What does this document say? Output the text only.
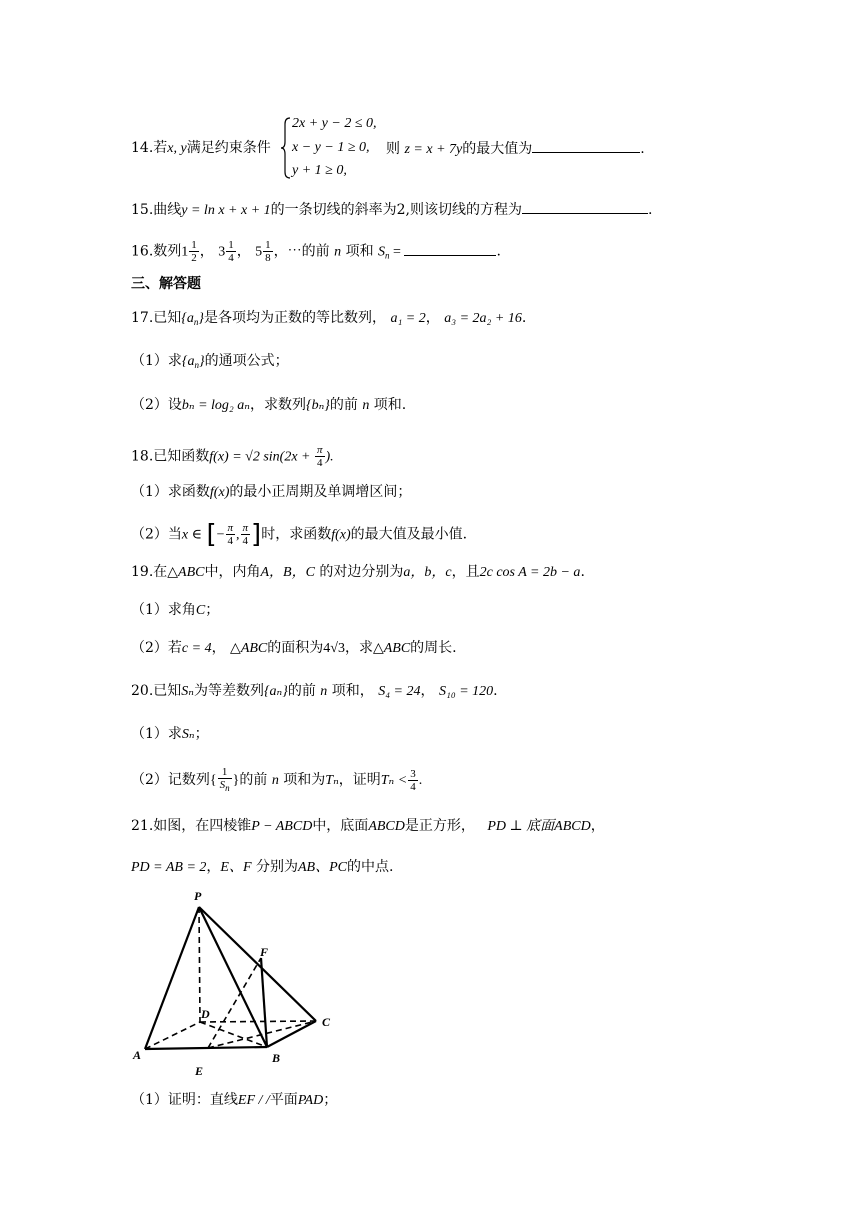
2x + y − 2 ≤ 0,
x − y − 1 ≥ 0,
y + 1 ≥ 0,
14.若x, y满足约束条件	则 z = x + 7y的最大值为	.
15.曲线y = ln x + x + 1的一条切线的斜率为2,则该切线的方程为	.
16.数列$1 \frac{1}{2}$ ， $3 \frac{1}{4}$ ， $5 \frac{1}{8}$ ，⋯的前 n 项和 $S_n$ =	.
三、解答题
17.已知$\{a_n\}$是各项均为正数的等比数列， a₁ = 2， a₃ = 2a₂ + 16.
（1）求$\{a_n\}$的通项公式；
（2）设bₙ = log₂ aₙ，求数列{bₙ}的前 n 项和.
18.已知函数f(x) = √2 $\sin(2x + \frac{\pi}{4}$ ).
（1）求函数f(x)的最小正周期及单调增区间；
（2）当x ∈ [− $\frac{\pi}{4}$ , $\frac{\pi}{4}$ ]时，求函数f(x)的最大值及最小值.
19.在△ABC中，内角A，B，C 的对边分别为a，b，c，且2c cos A = 2b − a.
（1）求角C；
（2）若c = 4， △ABC的面积为4√3，求△ABC的周长.
20.已知Sₙ为等差数列{aₙ}的前 n 项和， S₄ = 24， S₁₀ = 120.
（1）求Sₙ；
（2）记数列{ $\frac{1}{S_n}$ }的前 n 项和为Tₙ，证明$T_n < \frac{3}{4}$ .
21.如图，在四棱锥P − ABCD中，底面ABCD是正方形， PD ⊥ 底面ABCD，
PD = AB = 2，E、F 分别为AB、PC的中点.
P
D
C
A
E
B
F
（1）证明：直线EF / /平面PAD；
